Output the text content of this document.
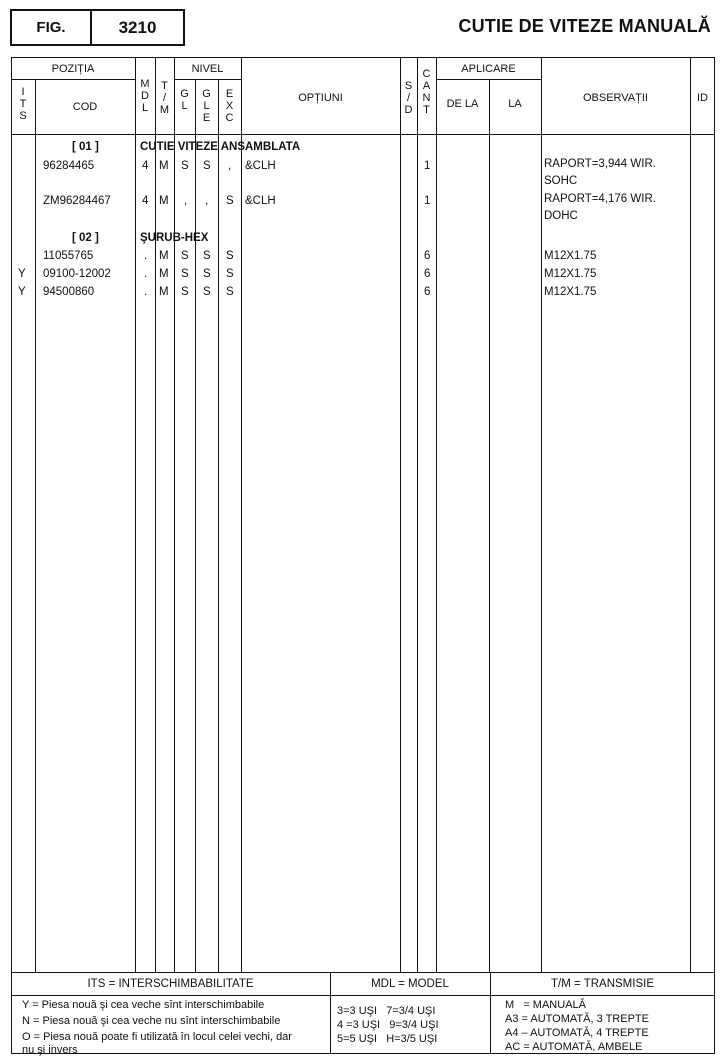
FIG.	3210	CUTIE DE VITEZE MANUALĂ
POZIȚIA
I
T
S
COD
M
D
L
T
/
M
NIVEL
G
L
G
L
E
E
X
C
OPȚIUNI
S
/
D
C
A
N
T
APLICARE
DE LA	LA	OBSERVAȚII	ID
[ 01 ]	CUTIE VITEZE ANSAMBLATA
96284465	4 M S S , &CLH	1	RAPORT=3,944 WIR.
SOHC
ZM96284467	4 M , , S &CLH	1	RAPORT=4,176 WIR.
DOHC
[ 02 ]	ŞURUB-HEX
11055765	. M S S S	6	M12X1.75
Y 09100-12002	. M S S S	6	M12X1.75
Y 94500860	. M S S S	6	M12X1.75
ITS = INTERSCHIMBABILITATE	MDL = MODEL	T/M = TRANSMISIE
Y = Piesa nouă şi cea veche sînt interschimbabile
N = Piesa nouă şi cea veche nu sînt interschimbabile
O = Piesa nouă poate fi utilizată în locul celei vechi, dar
nu şi invers
3=3 UŞI   7=3/4 UŞI
4 =3 UŞI   9=3/4 UŞI
5=5 UŞI   H=3/5 UŞI
M   = MANUALĂ
A3 = AUTOMATĂ, 3 TREPTE
A4 – AUTOMATĂ, 4 TREPTE
AC = AUTOMATĂ, AMBELE
